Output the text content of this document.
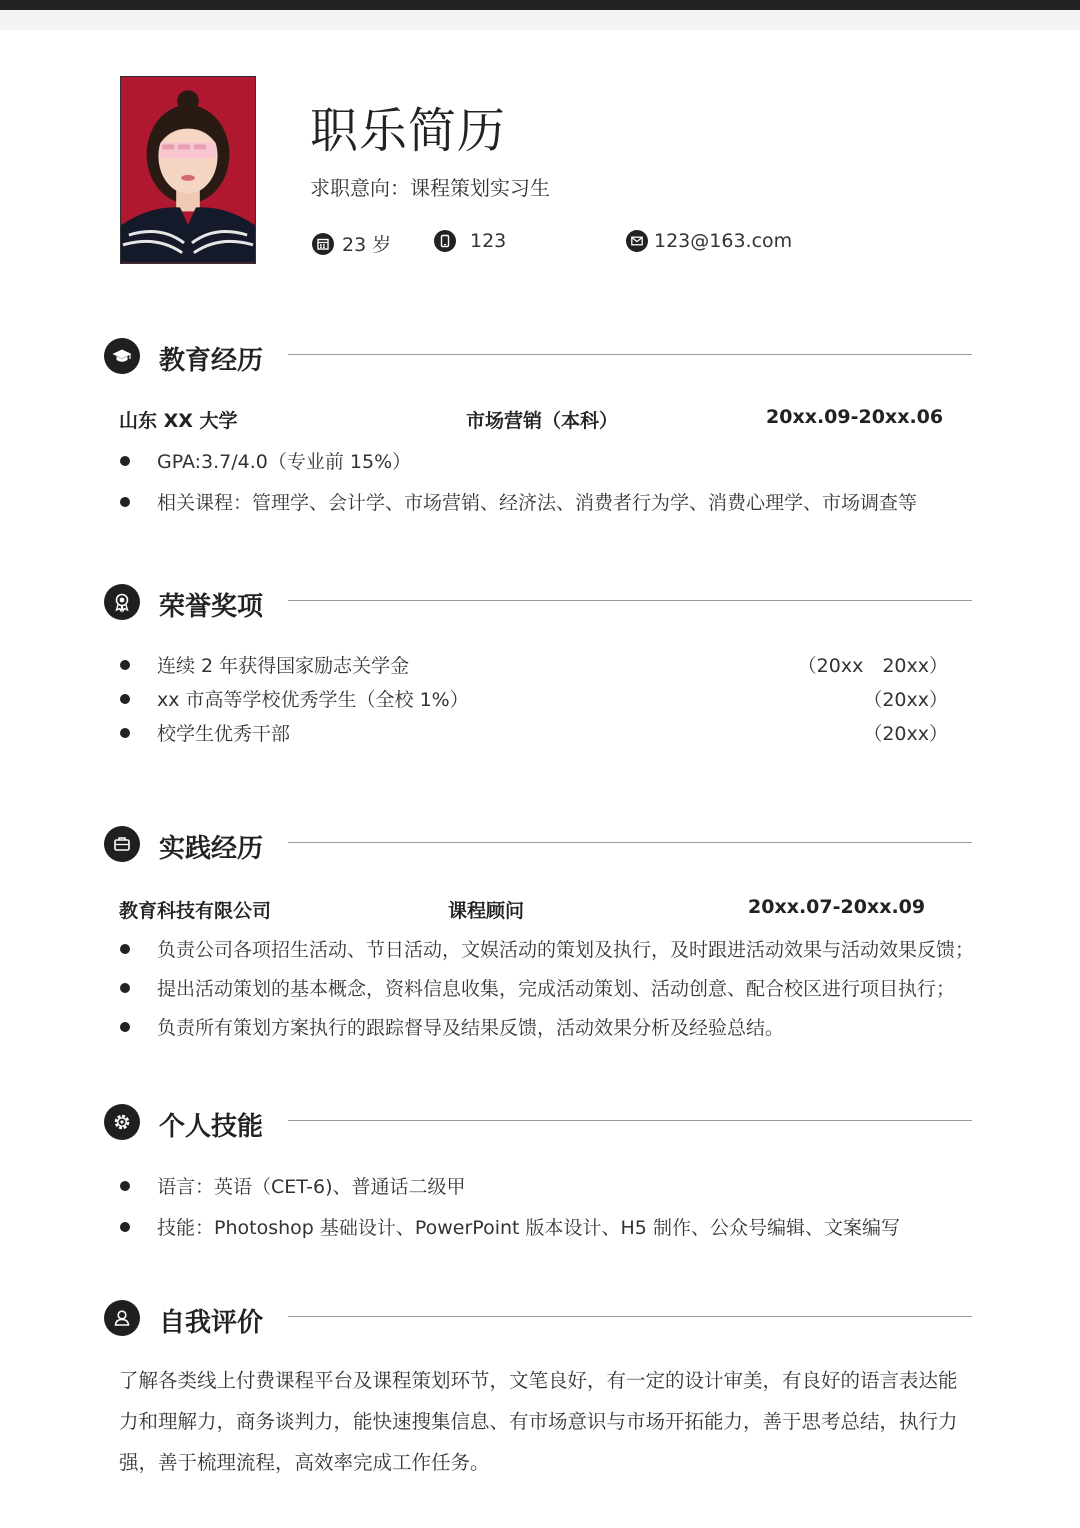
职乐简历
求职意向：课程策划实习生
23 岁	123	123@163.com
教育经历
山东 XX 大学	市场营销（本科）	20xx.09-20xx.06
GPA:3.7/4.0（专业前 15%）
相关课程：管理学、会计学、市场营销、经济法、消费者行为学、消费心理学、市场调查等
荣誉奖项
连续 2 年获得国家励志关学金	（20xx　20xx）
xx 市高等学校优秀学生（全校 1%）	（20xx）
校学生优秀干部	（20xx）
实践经历
教育科技有限公司	课程顾问	20xx.07-20xx.09
负责公司各项招生活动、节日活动，文娱活动的策划及执行，及时跟进活动效果与活动效果反馈；
提出活动策划的基本概念，资料信息收集，完成活动策划、活动创意、配合校区进行项目执行；
负责所有策划方案执行的跟踪督导及结果反馈，活动效果分析及经验总结。
个人技能
语言：英语（CET-6)、普通话二级甲
技能：Photoshop 基础设计、PowerPoint 版本设计、H5 制作、公众号编辑、文案编写
自我评价
了解各类线上付费课程平台及课程策划环节，文笔良好，有一定的设计审美，有良好的语言表达能力和理解力，商务谈判力，能快速搜集信息、有市场意识与市场开拓能力，善于思考总结，执行力强，善于梳理流程，高效率完成工作任务。
